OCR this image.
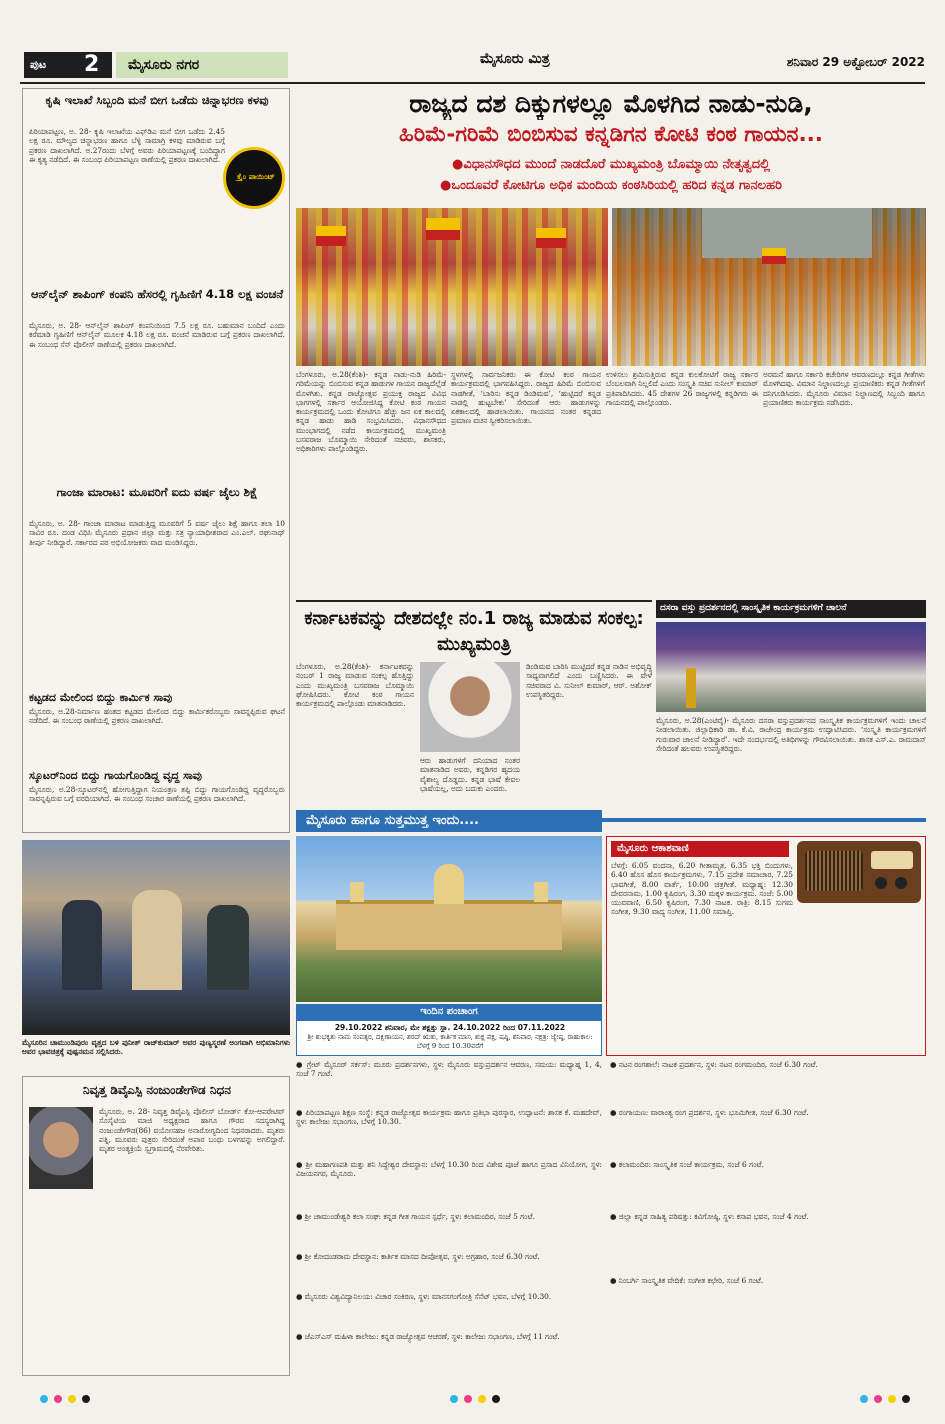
ಪುಟ 2 ಮೈಸೂರು ನಗರ	ಮೈಸೂರು ಮಿತ್ರ	ಶನಿವಾರ 29 ಅಕ್ಟೋಬರ್ 2022
ಕೃಷಿ ಇಲಾಖೆ ಸಿಬ್ಬಂದಿ ಮನೆ ಬೀಗ ಒಡೆದು ಚಿನ್ನಾಭರಣ ಕಳವು
ಪಿರಿಯಾಪಟ್ಟಣ, ಅ. 28- ಕೃಷಿ ಇಲಾಖೆಯ ಎಫ್‌ಡಿಎ ಮನೆ ಬೀಗ ಒಡೆದು 2.45 ಲಕ್ಷ ರೂ. ಮೌಲ್ಯದ ಚಿನ್ನಾಭರಣ ಹಾಗೂ ಬೆಳ್ಳಿ ಸಾಮಾಗ್ರಿ ಕಳವು ಮಾಡಿರುವ ಬಗ್ಗೆ ಪ್ರಕರಣ ದಾಖಲಾಗಿದೆ. ಅ.27ರಂದು ಬೆಳಗ್ಗೆ ಅವರು ಪಿರಿಯಾಪಟ್ಟಣಕ್ಕೆ ಬಂದಿದ್ದಾಗ ಈ ಕೃತ್ಯ ನಡೆದಿದೆ. ಈ ಸಂಬಂಧ ಪಿರಿಯಾಪಟ್ಟಣ ಠಾಣೆಯಲ್ಲಿ ಪ್ರಕರಣ ದಾಖಲಾಗಿದೆ.
ಕ್ರೈಂ ಪಾಯಿಂಟ್
ಆನ್‌ಲೈನ್ ಶಾಪಿಂಗ್ ಕಂಪನಿ ಹೆಸರಲ್ಲಿ ಗೃಹಿಣಿಗೆ 4.18 ಲಕ್ಷ ವಂಚನೆ
ಮೈಸೂರು, ಅ. 28- ಆನ್‌ಲೈನ್ ಶಾಪಿಂಗ್ ಕಂಪನಿಯಿಂದ 7.5 ಲಕ್ಷ ರೂ. ಬಹುಮಾನ ಬಂದಿದೆ ಎಂದು ಕರೆಮಾಡಿ ಗೃಹಿಣಿಗೆ ಆನ್‌ಲೈನ್ ಮೂಲಕ 4.18 ಲಕ್ಷ ರೂ. ವಂಚನೆ ಮಾಡಿರುವ ಬಗ್ಗೆ ಪ್ರಕರಣ ದಾಖಲಾಗಿದೆ. ಈ ಸಂಬಂಧ ಸೆನ್ ಪೊಲೀಸ್ ಠಾಣೆಯಲ್ಲಿ ಪ್ರಕರಣ ದಾಖಲಾಗಿದೆ.
ಗಾಂಜಾ ಮಾರಾಟ: ಮೂವರಿಗೆ ಐದು ವರ್ಷ ಜೈಲು ಶಿಕ್ಷೆ
ಮೈಸೂರು, ಅ. 28- ಗಾಂಜಾ ಮಾರಾಟ ಮಾಡುತ್ತಿದ್ದ ಮೂವರಿಗೆ 5 ವರ್ಷ ಜೈಲು ಶಿಕ್ಷೆ ಹಾಗೂ ತಲಾ 10 ಸಾವಿರ ರೂ. ದಂಡ ವಿಧಿಸಿ ಮೈಸೂರು ಪ್ರಧಾನ ಜಿಲ್ಲಾ ಮತ್ತು ಸತ್ರ ನ್ಯಾಯಾಧೀಶರಾದ ಎಂ.ಎಲ್. ರಘುನಾಥ್ ತೀರ್ಪು ನೀಡಿದ್ದಾರೆ. ಸರ್ಕಾರದ ಪರ ಅಭಿಯೋಜಕರು ವಾದ ಮಂಡಿಸಿದ್ದರು.
ಕಟ್ಟಡದ ಮೇಲಿಂದ ಬಿದ್ದು ಕಾರ್ಮಿಕ ಸಾವು
ಮೈಸೂರು, ಅ.28-ನಿರ್ಮಾಣ ಹಂತದ ಕಟ್ಟಡದ ಮೇಲಿಂದ ಬಿದ್ದು ಕಾರ್ಮಿಕರೊಬ್ಬರು ಸಾವನ್ನಪ್ಪಿರುವ ಘಟನೆ ನಡೆದಿದೆ. ಈ ಸಂಬಂಧ ಠಾಣೆಯಲ್ಲಿ ಪ್ರಕರಣ ದಾಖಲಾಗಿದೆ.
ಸ್ಕೂಟರ್‌ನಿಂದ ಬಿದ್ದು ಗಾಯಗೊಂಡಿದ್ದ ವೃದ್ಧ ಸಾವು
ಮೈಸೂರು, ಅ.28-ಸ್ಕೂಟರ್‌ನಲ್ಲಿ ಹೋಗುತ್ತಿದ್ದಾಗ ನಿಯಂತ್ರಣ ತಪ್ಪಿ ಬಿದ್ದು ಗಾಯಗೊಂಡಿದ್ದ ವೃದ್ಧರೊಬ್ಬರು ಸಾವನ್ನಪ್ಪಿರುವ ಬಗ್ಗೆ ವರದಿಯಾಗಿದೆ. ಈ ಸಂಬಂಧ ಸಂಚಾರ ಠಾಣೆಯಲ್ಲಿ ಪ್ರಕರಣ ದಾಖಲಾಗಿದೆ.
ಮೈಸೂರಿನ ಚಾಮುಂಡಿಪುರಂ ವೃತ್ತದ ಬಳಿ ಪುನೀತ್ ರಾಜ್‌ಕುಮಾರ್ ಅವರ ಪುಣ್ಯಸ್ಮರಣೆ ಅಂಗವಾಗಿ ಅಭಿಮಾನಿಗಳು ಅವರ ಭಾವಚಿತ್ರಕ್ಕೆ ಪುಷ್ಪನಮನ ಸಲ್ಲಿಸಿದರು.
ನಿವೃತ್ತ ಡಿವೈಎಸ್ಪಿ ನಂಜುಂಡೇಗೌಡ ನಿಧನ
ಮೈಸೂರು, ಅ. 28- ನಿವೃತ್ತ ಡಿವೈಎಸ್ಪಿ ಪೊಲೀಸ್ ಬೋರ್ಡ್ ಕೋ-ಆಪರೇಟಿವ್ ಸೊಸೈಟಿಯ ಮಾಜಿ ಅಧ್ಯಕ್ಷರಾದ ಹಾಗೂ ಗೌರವ ಸದಸ್ಯರಾಗಿದ್ದ ನಂಜುಂಡೇಗೌಡ(86) ವಯೋಸಹಜ ಅನಾರೋಗ್ಯದಿಂದ ನಿಧನರಾದರು. ಮೃತರು ಪತ್ನಿ, ಮೂವರು ಪುತ್ರರು ಸೇರಿದಂತೆ ಅಪಾರ ಬಂಧು ಬಳಗವನ್ನು ಅಗಲಿದ್ದಾರೆ. ಮೃತರ ಅಂತ್ಯಕ್ರಿಯೆ ಸ್ವಗ್ರಾಮದಲ್ಲಿ ನೆರವೇರಿತು.
ರಾಜ್ಯದ ದಶ ದಿಕ್ಕುಗಳಲ್ಲೂ ಮೊಳಗಿದ ನಾಡು-ನುಡಿ,
ಹಿರಿಮೆ-ಗರಿಮೆ ಬಿಂಬಿಸುವ ಕನ್ನಡಿಗನ ಕೋಟಿ ಕಂಠ ಗಾಯನ...
●ವಿಧಾನಸೌಧದ ಮುಂದೆ ನಾಡದೊರೆ ಮುಖ್ಯಮಂತ್ರಿ ಬೊಮ್ಮಾಯಿ ನೇತೃತ್ವದಲ್ಲಿ
●ಒಂದೂವರೆ ಕೋಟಿಗೂ ಅಧಿಕ ಮಂದಿಯ ಕಂಠಸಿರಿಯಲ್ಲಿ ಹರಿದ ಕನ್ನಡ ಗಾನಲಹರಿ
ಬೆಂಗಳೂರು, ಅ.28(ಕೆಂಶಿ)- ಕನ್ನಡ ನಾಡು-ನುಡಿ ಹಿರಿಮೆ-ಗರಿಮೆಯನ್ನು ಬಿಂಬಿಸುವ ಕನ್ನಡ ಹಾಡುಗಳ ಗಾಯನ ರಾಜ್ಯದೆಲ್ಲೆಡೆ ಮೊಳಗಿತು. ಕನ್ನಡ ರಾಜ್ಯೋತ್ಸವ ಪ್ರಯುಕ್ತ ರಾಜ್ಯದ ವಿವಿಧ ಭಾಗಗಳಲ್ಲಿ ಸರ್ಕಾರ ಆಯೋಜಿಸಿದ್ದ ಕೋಟಿ ಕಂಠ ಗಾಯನ ಕಾರ್ಯಕ್ರಮದಲ್ಲಿ ಒಂದು ಕೋಟಿಗೂ ಹೆಚ್ಚು ಜನ ಏಕ ಕಾಲದಲ್ಲಿ ಕನ್ನಡ ಹಾಡು ಹಾಡಿ ಸಂಭ್ರಮಿಸಿದರು. ವಿಧಾನಸೌಧದ ಮುಂಭಾಗದಲ್ಲಿ ನಡೆದ ಕಾರ್ಯಕ್ರಮದಲ್ಲಿ ಮುಖ್ಯಮಂತ್ರಿ ಬಸವರಾಜ ಬೊಮ್ಮಾಯಿ ಸೇರಿದಂತೆ ಸಚಿವರು, ಶಾಸಕರು, ಅಧಿಕಾರಿಗಳು ಪಾಲ್ಗೊಂಡಿದ್ದರು.
ಸ್ಥಳಗಳಲ್ಲಿ ಸಾರ್ವಜನಿಕರು ಈ ಕೋಟಿ ಕಂಠ ಗಾಯನ ಕಾರ್ಯಕ್ರಮದಲ್ಲಿ ಭಾಗವಹಿಸಿದ್ದರು. ರಾಜ್ಯದ ಹಿರಿಮೆ ಬಿಂಬಿಸುವ ನಾಡಗೀತೆ, ‘ಬಾರಿಸು ಕನ್ನಡ ಡಿಂಡಿಮವ’, ‘ಹುಟ್ಟಿದರೆ ಕನ್ನಡ ನಾಡಲ್ಲಿ ಹುಟ್ಟಬೇಕು’ ಸೇರಿದಂತೆ ಆರು ಹಾಡುಗಳನ್ನು ಏಕಕಾಲದಲ್ಲಿ ಹಾಡಲಾಯಿತು. ಗಾಯನದ ನಂತರ ಕನ್ನಡದ ಪ್ರಮಾಣ ವಚನ ಸ್ವೀಕರಿಸಲಾಯಿತು.
ಉಳಿಸಲು ಶ್ರಮಿಸುತ್ತಿರುವ ಕನ್ನಡ ಕುಲಕೋಟಿಗೆ ರಾಜ್ಯ ಸರ್ಕಾರ ಬೆಂಬಲವಾಗಿ ನಿಲ್ಲಲಿದೆ ಎಂದು ಸಂಸ್ಕೃತಿ ಸಚಿವ ಸುನೀಲ್ ಕುಮಾರ್ ಪ್ರತಿಪಾದಿಸಿದರು. 45 ದೇಶಗಳ 26 ರಾಜ್ಯಗಳಲ್ಲಿ ಕನ್ನಡಿಗರು ಈ ಗಾಯನದಲ್ಲಿ ಪಾಲ್ಗೊಂಡರು.
ಅರಮನೆ ಹಾಗೂ ಸರ್ಕಾರಿ ಕಚೇರಿಗಳ ಆವರಣದಲ್ಲೂ ಕನ್ನಡ ಗೀತೆಗಳು ಮೊಳಗಿದವು. ವಿಮಾನ ನಿಲ್ದಾಣದಲ್ಲೂ ಪ್ರಯಾಣಿಕರು ಕನ್ನಡ ಗೀತೆಗಳಿಗೆ ದನಿಗೂಡಿಸಿದರು. ಮೈಸೂರು ವಿಮಾನ ನಿಲ್ದಾಣದಲ್ಲಿ ಸಿಬ್ಬಂದಿ ಹಾಗೂ ಪ್ರಯಾಣಿಕರು ಕಾರ್ಯಕ್ರಮ ನಡೆಸಿದರು.
ಕರ್ನಾಟಕವನ್ನು ದೇಶದಲ್ಲೇ ನಂ.1 ರಾಜ್ಯ ಮಾಡುವ ಸಂಕಲ್ಪ: ಮುಖ್ಯಮಂತ್ರಿ
ಬೆಂಗಳೂರು, ಅ.28(ಕೆಂಶಿ)- ಕರ್ನಾಟಕವನ್ನು ನಂಬರ್ 1 ರಾಜ್ಯ ಮಾಡುವ ಸಂಕಲ್ಪ ಹೊತ್ತಿದ್ದು ಎಂದು ಮುಖ್ಯಮಂತ್ರಿ ಬಸವರಾಜ ಬೊಮ್ಮಾಯಿ ಘೋಷಿಸಿದರು. ಕೋಟಿ ಕಂಠ ಗಾಯನ ಕಾರ್ಯಕ್ರಮದಲ್ಲಿ ಪಾಲ್ಗೊಂಡು ಮಾತನಾಡಿದರು.
ಆರು ಹಾಡುಗಳಿಗೆ ದನಿಯಾದ ನಂತರ ಮಾತನಾಡಿದ ಅವರು, ಕನ್ನಡಿಗರ ಹೃದಯ ವೈಶಾಲ್ಯ ದೊಡ್ಡದು. ಕನ್ನಡ ಭಾಷೆ ಕೇವಲ ಭಾಷೆಯಲ್ಲ, ಅದು ಬದುಕು ಎಂದರು.
ಡಿಂಡಿಮವ ಬಾರಿಸಿ ಮುಟ್ಟಿದರೆ ಕನ್ನಡ ನಾಡಿನ ಅಭಿವೃದ್ಧಿ ಸಾಧ್ಯವಾಗಲಿದೆ ಎಂದು ಬಣ್ಣಿಸಿದರು. ಈ ವೇಳೆ ಸಚಿವರಾದ ವಿ. ಸುನೀಲ್ ಕುಮಾರ್, ಆರ್. ಅಶೋಕ್ ಉಪಸ್ಥಿತರಿದ್ದರು.
ದಸರಾ ವಸ್ತು ಪ್ರದರ್ಶನದಲ್ಲಿ ಸಾಂಸ್ಕೃತಿಕ ಕಾರ್ಯಕ್ರಮಗಳಿಗೆ ಚಾಲನೆ
ಮೈಸೂರು, ಅ.28(ಎಂಟಿವೈ)- ಮೈಸೂರು ದಸರಾ ವಸ್ತುಪ್ರದರ್ಶನದ ಸಾಂಸ್ಕೃತಿಕ ಕಾರ್ಯಕ್ರಮಗಳಿಗೆ ಇಂದು ಚಾಲನೆ ನೀಡಲಾಯಿತು. ಜಿಲ್ಲಾಧಿಕಾರಿ ಡಾ. ಕೆ.ವಿ. ರಾಜೇಂದ್ರ ಕಾರ್ಯಕ್ರಮ ಉದ್ಘಾಟಿಸಿದರು. ‘ಸಂಸ್ಕೃತಿ ಕಾರ್ಯಕ್ರಮಗಳಿಗೆ ಗುರುವಾರ ಚಾಲನೆ ನೀಡಿದ್ದಾರೆ’. ಇದೇ ಸಂದರ್ಭದಲ್ಲಿ ಅತಿಥಿಗಳನ್ನು ಗೌರವಿಸಲಾಯಿತು. ಶಾಸಕ ಎಸ್.ಎ. ರಾಮದಾಸ್ ಸೇರಿದಂತೆ ಹಲವರು ಉಪಸ್ಥಿತರಿದ್ದರು.
ಮೈಸೂರು ಹಾಗೂ ಸುತ್ತಮುತ್ತ ಇಂದು....
ಇಂದಿನ ಪಂಚಾಂಗ
29.10.2022 ಶನಿವಾರ, ಮೇ ಶಕ್ಷತ್ತು ಸ್ಥಾ. 24.10.2022 ರಿಂದ 07.11.2022
ಶ್ರೀ ಶುಭಕೃತು ನಾಮ ಸಂವತ್ಸರ, ದಕ್ಷಿಣಾಯನ, ಶರದ್ ಋತು, ಕಾರ್ತಿಕ ಮಾಸ, ಶುಕ್ಲ ಪಕ್ಷ, ಷಷ್ಠಿ, ಶನಿವಾರ, ನಕ್ಷತ್ರ: ಜ್ಯೇಷ್ಠ, ರಾಹುಕಾಲ: ಬೆಳಗ್ಗೆ 9 ರಿಂದ 10.30ವರೆಗೆ
ಮೈಸೂರು ಆಕಾಶವಾಣಿ
ಬೆಳಗ್ಗೆ: 6.05 ವಂದನಾ, 6.20 ಗೀತಾಮೃತ, 6.35 ಭಕ್ತಿ ಬಿಂದುಗಳು, 6.40 ಹೊಸ ಹೊಸ ಕಾರ್ಯಕ್ರಮಗಳು, 7.15 ಪ್ರದೇಶ ಸಮಾಚಾರ, 7.25 ಭಾವಗೀತೆ, 8.00 ವಾರ್ತೆ, 10.00 ಚಿತ್ರಗೀತೆ. ಮಧ್ಯಾಹ್ನ: 12.30 ದೇವರನಾಮ, 1.00 ಕೃಷಿರಂಗ, 3.30 ಮಕ್ಕಳ ಕಾರ್ಯಕ್ರಮ. ಸಂಜೆ: 5.00 ಯುವವಾಣಿ, 6.50 ಕೃಷಿರಂಗ, 7.30 ನಾಟಕ. ರಾತ್ರಿ: 8.15 ಸುಗಮ ಸಂಗೀತ, 9.30 ವಾದ್ಯ ಸಂಗೀತ, 11.00 ಸಮಾಪ್ತಿ.
● ಗ್ರೇಟ್ ಮೈಸೂರ್ ಸರ್ಕಸ್: ಮೂರು ಪ್ರದರ್ಶನಗಳು, ಸ್ಥಳ: ಮೈಸೂರು ವಸ್ತುಪ್ರದರ್ಶನ ಆವರಣ, ಸಮಯ: ಮಧ್ಯಾಹ್ನ 1, 4, ಸಂಜೆ 7 ಗಂಟೆ.
● ಪಿರಿಯಾಪಟ್ಟಣ ಶಿಕ್ಷಣ ಸಂಸ್ಥೆ: ಕನ್ನಡ ರಾಜ್ಯೋತ್ಸವ ಕಾರ್ಯಕ್ರಮ ಹಾಗೂ ಪ್ರತಿಭಾ ಪುರಸ್ಕಾರ, ಉದ್ಘಾಟನೆ: ಶಾಸಕ ಕೆ. ಮಹದೇವ್, ಸ್ಥಳ: ಕಾಲೇಜು ಸಭಾಂಗಣ, ಬೆಳಗ್ಗೆ 10.30.
● ಶ್ರೀ ಮಹಾಗಣಪತಿ ಮತ್ತು ಶನಿ ಸಿದ್ಧೇಶ್ವರ ದೇವಸ್ಥಾನ: ಬೆಳಗ್ಗೆ 10.30 ರಿಂದ ವಿಶೇಷ ಪೂಜೆ ಹಾಗೂ ಪ್ರಸಾದ ವಿನಿಯೋಗ, ಸ್ಥಳ: ವಿಜಯನಗರ, ಮೈಸೂರು.
● ಶ್ರೀ ಚಾಮುಂಡೇಶ್ವರಿ ಕಲಾ ಸಂಘ: ಕನ್ನಡ ಗೀತ ಗಾಯನ ಸ್ಪರ್ಧೆ, ಸ್ಥಳ: ಕಲಾಮಂದಿರ, ಸಂಜೆ 5 ಗಂಟೆ.
● ಶ್ರೀ ಕೋದಂಡರಾಮ ದೇವಸ್ಥಾನ: ಕಾರ್ತಿಕ ಮಾಸದ ದೀಪೋತ್ಸವ, ಸ್ಥಳ: ಅಗ್ರಹಾರ, ಸಂಜೆ 6.30 ಗಂಟೆ.
● ಮೈಸೂರು ವಿಶ್ವವಿದ್ಯಾನಿಲಯ: ವಿಚಾರ ಸಂಕಿರಣ, ಸ್ಥಳ: ಮಾನಸಗಂಗೋತ್ರಿ ಸೆನೆಟ್ ಭವನ, ಬೆಳಗ್ಗೆ 10.30.
● ಜೆಎಸ್‌ಎಸ್ ಮಹಿಳಾ ಕಾಲೇಜು: ಕನ್ನಡ ರಾಜ್ಯೋತ್ಸವ ಆಚರಣೆ, ಸ್ಥಳ: ಕಾಲೇಜು ಸಭಾಂಗಣ, ಬೆಳಗ್ಗೆ 11 ಗಂಟೆ.
● ನಟನ ರಂಗಶಾಲೆ: ನಾಟಕ ಪ್ರದರ್ಶನ, ಸ್ಥಳ: ನಟನ ರಂಗಮಂದಿರ, ಸಂಜೆ 6.30 ಗಂಟೆ.
● ರಂಗಾಯಣ: ವಾರಾಂತ್ಯ ರಂಗ ಪ್ರದರ್ಶನ, ಸ್ಥಳ: ಭೂಮಿಗೀತ, ಸಂಜೆ 6.30 ಗಂಟೆ.
● ಕಲಾಮಂದಿರ: ಸಾಂಸ್ಕೃತಿಕ ಸಂಜೆ ಕಾರ್ಯಕ್ರಮ, ಸಂಜೆ 6 ಗಂಟೆ.
● ಜಿಲ್ಲಾ ಕನ್ನಡ ಸಾಹಿತ್ಯ ಪರಿಷತ್ತು: ಕವಿಗೋಷ್ಠಿ, ಸ್ಥಳ: ಕಸಾಪ ಭವನ, ಸಂಜೆ 4 ಗಂಟೆ.
● ನಿಂಬರ್ಗಿ ಸಾಂಸ್ಕೃತಿಕ ವೇದಿಕೆ: ಸಂಗೀತ ಕಛೇರಿ, ಸಂಜೆ 6 ಗಂಟೆ.
